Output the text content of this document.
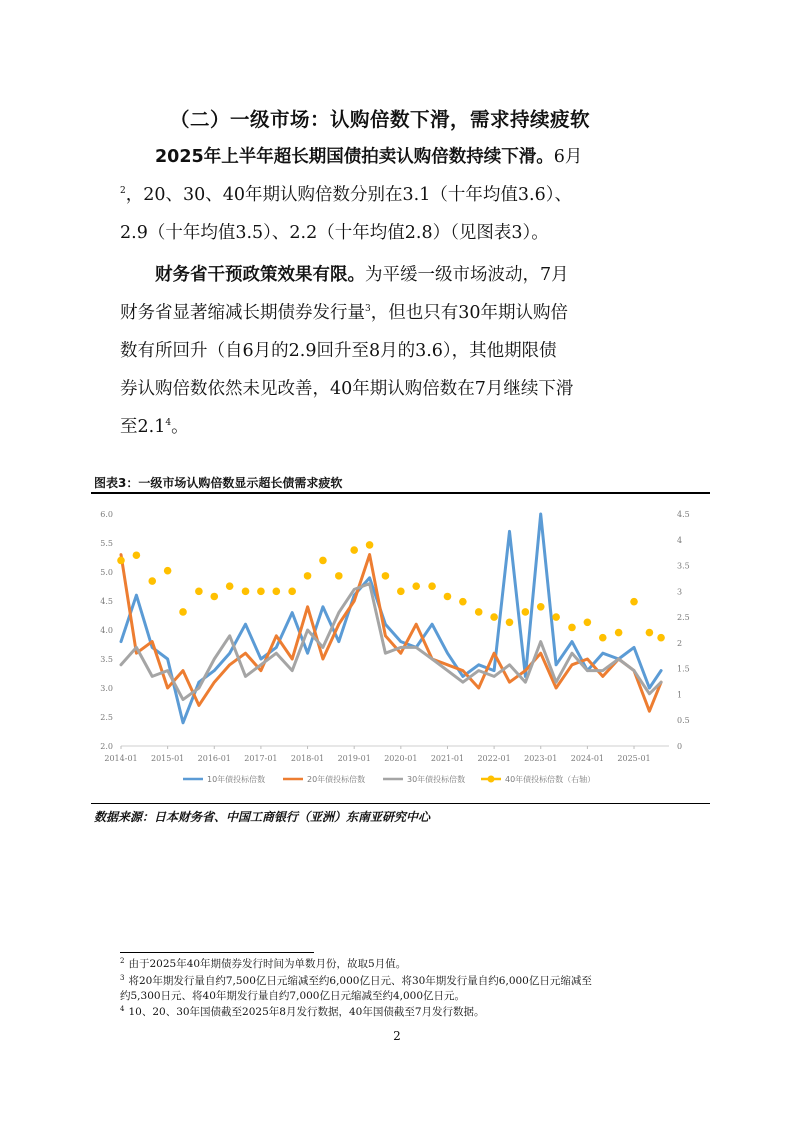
（二）一级市场：认购倍数下滑，需求持续疲软
2025年上半年超长期国债拍卖认购倍数持续下滑。6月
$^2$，20、30、40年期认购倍数分别在3.1（十年均值3.6）、
2.9（十年均值3.5）、2.2（十年均值2.8）（见图表3）。
财务省干预政策效果有限。为平缓一级市场波动，7月
财务省显著缩减长期债券发行量$^3$，但也只有30年期认购倍
数有所回升（自6月的2.9回升至8月的3.6），其他期限债
券认购倍数依然未见改善，40年期认购倍数在7月继续下滑
至$2.1^4$。
图表3：一级市场认购倍数显示超长债需求疲软
2.0
2.5
3.0
3.5
4.0
4.5
5.0
5.5
6.0
0
0.5
1
1.5
2
2.5
3
3.5
4
4.5
2014-01 2015-01 2016-01 2017-01 2018-01 2019-01 2020-01 2021-01 2022-01 2023-01 2024-01 2025-01
10年债投标倍数	20年债投标倍数	30年债投标倍数	40年债投标倍数（右轴）
数据来源：日本财务省、中国工商银行（亚洲）东南亚研究中心
$^2$ 由于2025年40年期债券发行时间为单数月份，故取5月值。
$^3$ 将20年期发行量自约7,500亿日元缩减至约6,000亿日元、将30年期发行量自约6,000亿日元缩减至
约5,300日元、将40年期发行量自约7,000亿日元缩减至约4,000亿日元。
$^4$ 10、20、30年国债截至2025年8月发行数据，40年国债截至7月发行数据。
2
